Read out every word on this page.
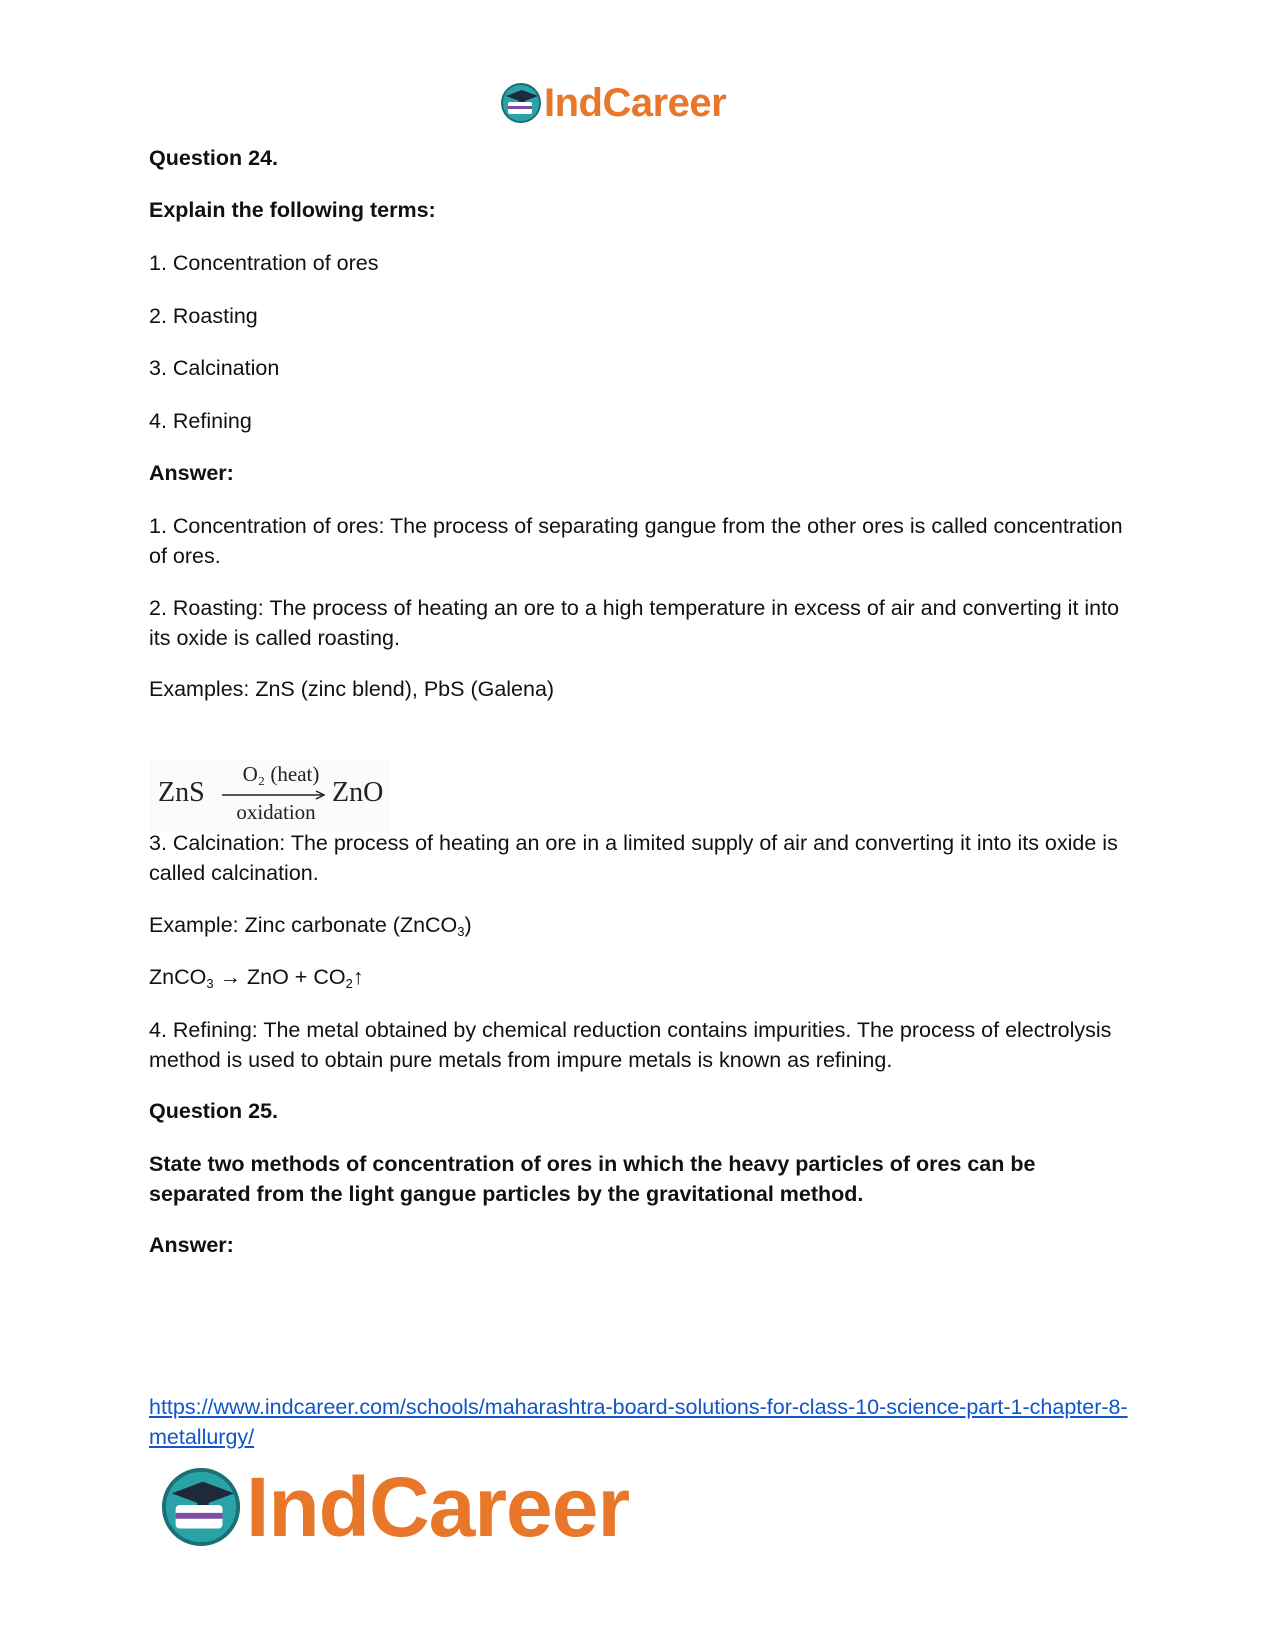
IndCareer

Question 24.

Explain the following terms:

1. Concentration of ores

2. Roasting

3. Calcination

4. Refining

Answer:

1. Concentration of ores: The process of separating gangue from the other ores is called concentration of ores.

2. Roasting: The process of heating an ore to a high temperature in excess of air and converting it into its oxide is called roasting.

Examples: ZnS (zinc blend), PbS (Galena)

ZnS
O₂ (heat)
oxidation
ZnO

3. Calcination: The process of heating an ore in a limited supply of air and converting it into its oxide is called calcination.

Example: Zinc carbonate (ZnCO$_3$)

ZnCO$_3$ → ZnO + $CO_2↑$

4. Refining: The metal obtained by chemical reduction contains impurities. The process of electrolysis method is used to obtain pure metals from impure metals is known as refining.

Question 25.

State two methods of concentration of ores in which the heavy particles of ores can be separated from the light gangue particles by the gravitational method.

Answer:

https://www.indcareer.com/schools/maharashtra-board-solutions-for-class-10-science-part-1-chapter-8-metallurgy/

IndCareer
